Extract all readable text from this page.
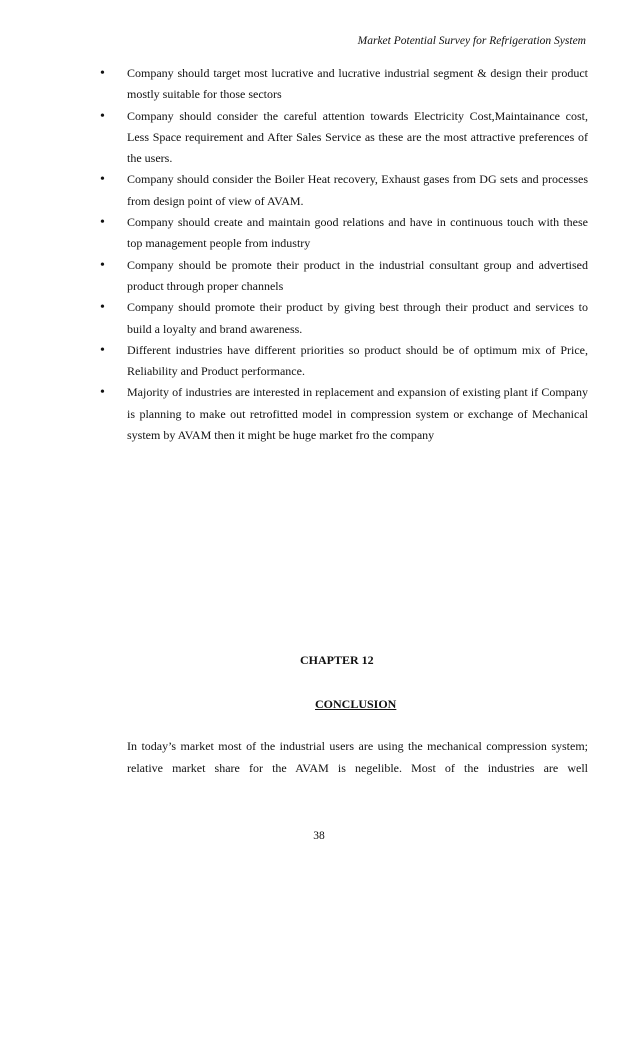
Market Potential Survey for Refrigeration System
• Company should target most lucrative and lucrative industrial segment & design their product mostly suitable for those sectors
• Company should consider the careful attention towards Electricity Cost,Maintainance cost, Less Space requirement and After Sales Service as these are the most attractive preferences of the users.
• Company should consider the Boiler Heat recovery, Exhaust gases from DG sets and processes from design point of view of AVAM.
• Company should create and maintain good relations and have in continuous touch with these top management people from industry
• Company should be promote their product in the industrial consultant group and advertised product through proper channels
• Company should promote their product by giving best through their product and services to build a loyalty and brand awareness.
• Different industries have different priorities so product should be of optimum mix of Price, Reliability and Product performance.
• Majority of industries are interested in replacement and expansion of existing plant if Company is planning to make out retrofitted model in compression system or exchange of Mechanical system by AVAM then it might be huge market fro the company
CHAPTER 12
CONCLUSION

In today’s market most of the industrial users are using the mechanical compression system; relative market share for the AVAM is negelible. Most of the industries are well

38
